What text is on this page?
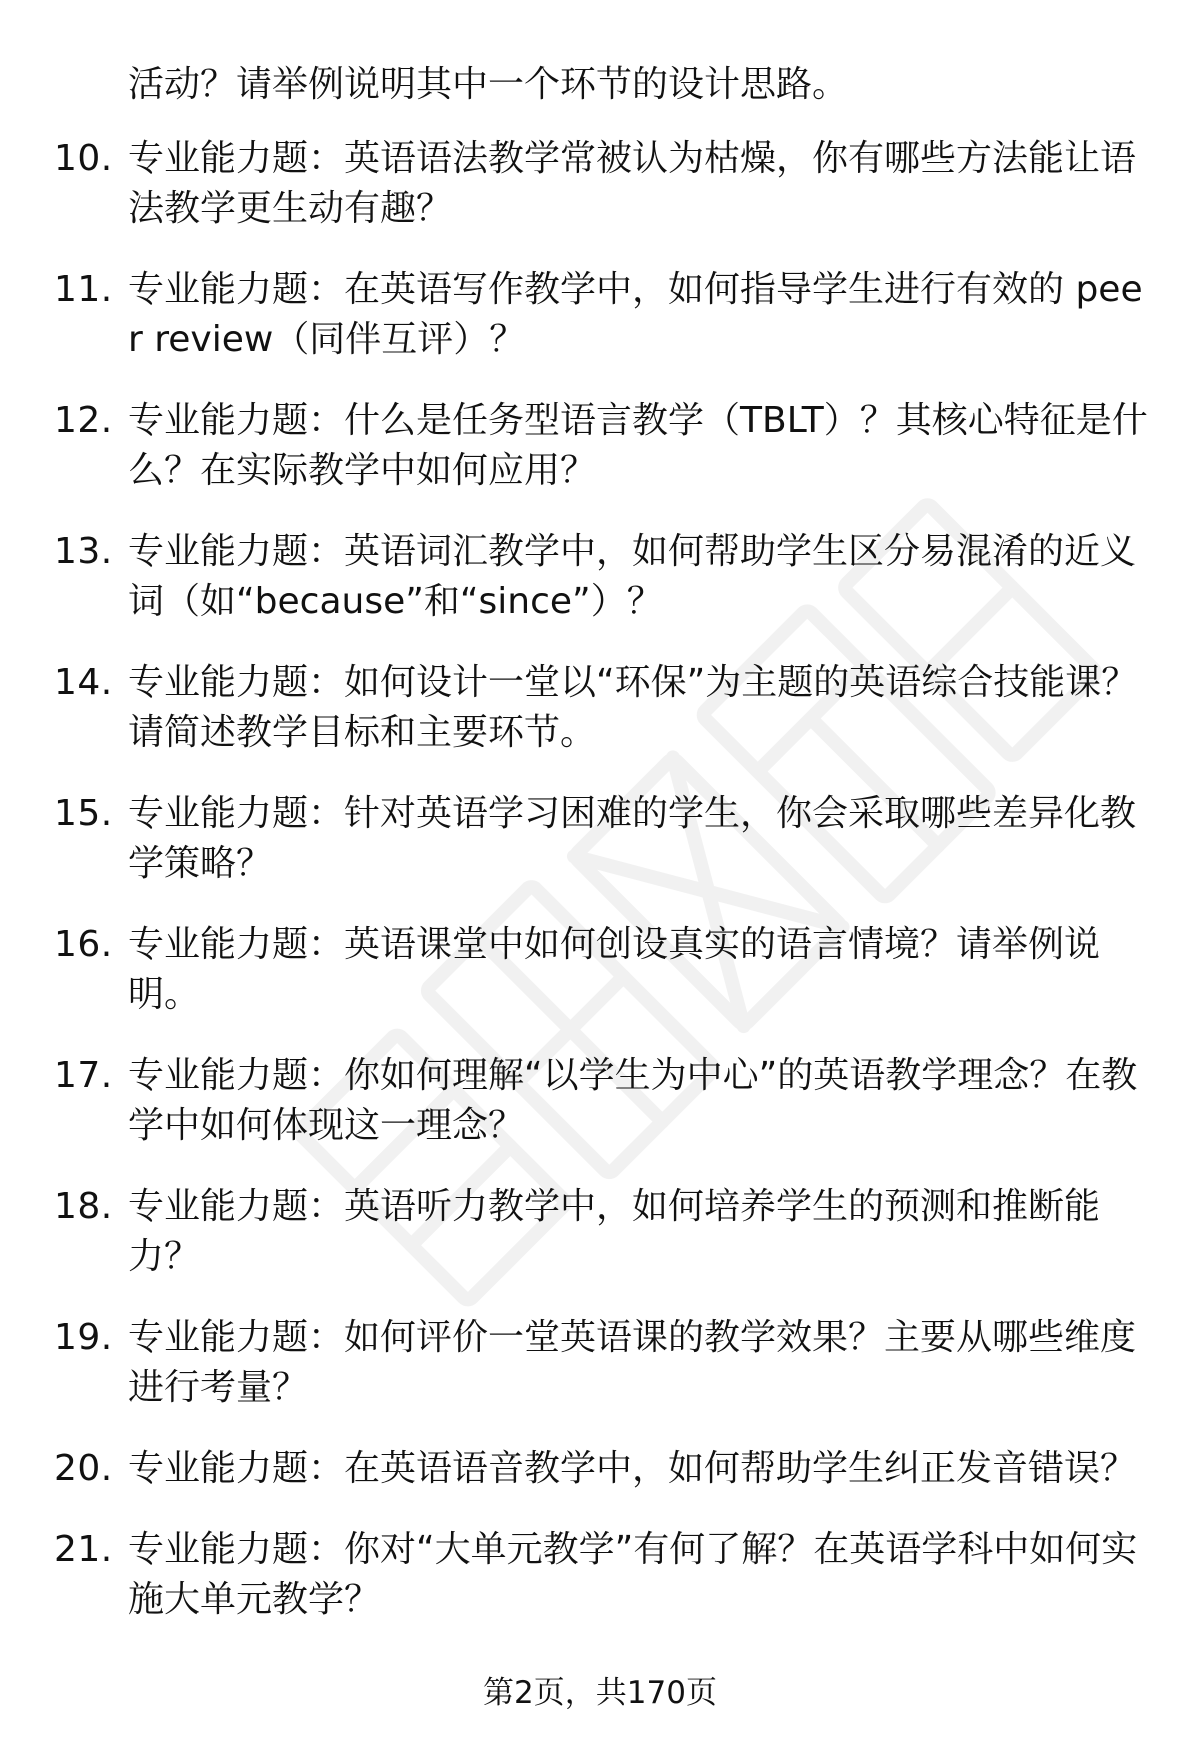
活动？请举例说明其中一个环节的设计思路。
10. 专业能力题：英语语法教学常被认为枯燥，你有哪些方法能让语法教学更生动有趣？
11. 专业能力题：在英语写作教学中，如何指导学生进行有效的 peer review（同伴互评）？
12. 专业能力题：什么是任务型语言教学（TBLT）？其核心特征是什么？在实际教学中如何应用？
13. 专业能力题：英语词汇教学中，如何帮助学生区分易混淆的近义词（如“because”和“since”）？
14. 专业能力题：如何设计一堂以“环保”为主题的英语综合技能课？请简述教学目标和主要环节。
15. 专业能力题：针对英语学习困难的学生，你会采取哪些差异化教学策略？
16. 专业能力题：英语课堂中如何创设真实的语言情境？请举例说明。
17. 专业能力题：你如何理解“以学生为中心”的英语教学理念？在教学中如何体现这一理念？
18. 专业能力题：英语听力教学中，如何培养学生的预测和推断能力？
19. 专业能力题：如何评价一堂英语课的教学效果？主要从哪些维度进行考量？
20. 专业能力题：在英语语音教学中，如何帮助学生纠正发音错误？
21. 专业能力题：你对“大单元教学”有何了解？在英语学科中如何实施大单元教学？
第2页，共170页
